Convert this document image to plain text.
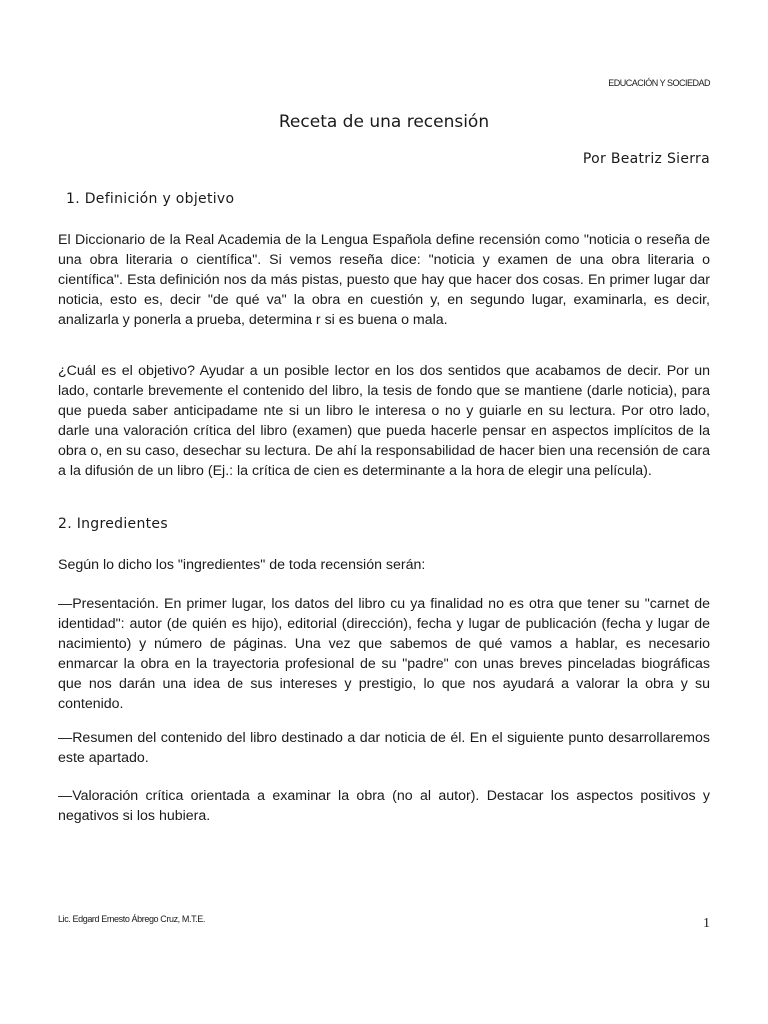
EDUCACIÓN Y SOCIEDAD
Receta de una recensión
Por Beatriz Sierra
1. Definición y objetivo

El Diccionario de la Real Academia de la Lengua Española define recensión como "noticia o reseña de una obra literaria o científica". Si vemos reseña dice: "noticia y examen de una obra literaria o científica". Esta definición nos da más pistas, puesto que hay que hacer dos cosas. En primer lugar dar noticia, esto es, decir "de qué va" la obra en cuestión y, en segundo lugar, examinarla, es decir, analizarla y ponerla a prueba, determina r si es buena o mala.

¿Cuál es el objetivo? Ayudar a un posible lector en los dos sentidos que acabamos de decir. Por un lado, contarle brevemente el contenido del libro, la tesis de fondo que se mantiene (darle noticia), para que pueda saber anticipadame nte si un libro le interesa o no y guiarle en su lectura. Por otro lado, darle una valoración crítica del libro (examen) que pueda hacerle pensar en aspectos implícitos de la obra o, en su caso, desechar su lectura. De ahí la responsabilidad de hacer bien una recensión de cara a la difusión de un libro (Ej.: la crítica de cien es determinante a la hora de elegir una película).

2. Ingredientes

Según lo dicho los "ingredientes" de toda recensión serán:

—Presentación. En primer lugar, los datos del libro cu ya finalidad no es otra que tener su "carnet de identidad": autor (de quién es hijo), editorial (dirección), fecha y lugar de publicación (fecha y lugar de nacimiento) y número de páginas. Una vez que sabemos de qué vamos a hablar, es necesario enmarcar la obra en la trayectoria profesional de su "padre" con unas breves pinceladas biográficas que nos darán una idea de sus intereses y prestigio, lo que nos ayudará a valorar la obra y su contenido.

—Resumen del contenido del libro destinado a dar noticia de él. En el siguiente punto desarrollaremos este apartado.

—Valoración crítica orientada a examinar la obra (no al autor). Destacar los aspectos positivos y negativos si los hubiera.

Lic. Edgard Ernesto Ábrego Cruz, M.T.E.	1
